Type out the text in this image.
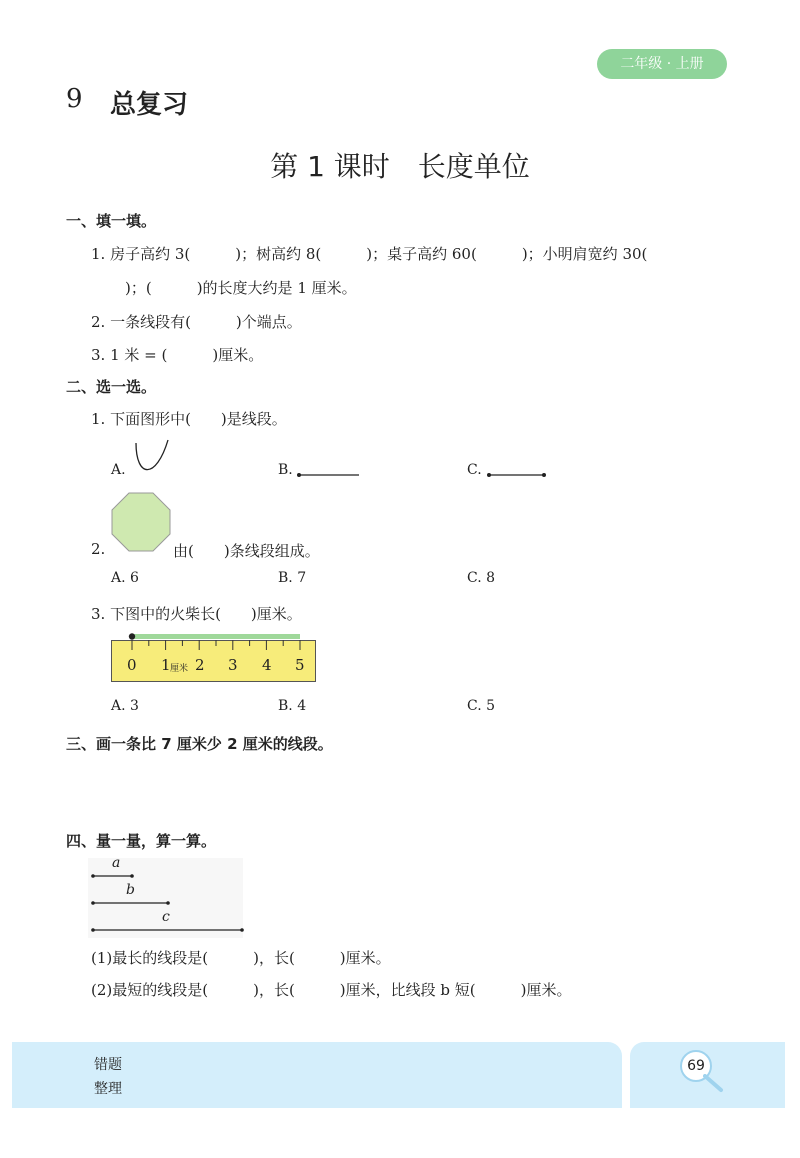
二年级 · 上册
9 总复习
第 1 课时　长度单位
一、填一填。
1. 房子高约 3(　　　)；树高约 8(　　　)；桌子高约 60(　　　)；小明肩宽约 30(
)；(　　　)的长度大约是 1 厘米。
2. 一条线段有(　　　)个端点。
3. 1 米 = (　　　)厘米。
二、选一选。
1. 下面图形中(　　)是线段。
A.	B.	C.
2.	由(　　)条线段组成。
A. 6	B. 7	C. 8
3. 下图中的火柴长(　　)厘米。
0 1 厘米 2 3 4 5
A. 3	B. 4	C. 5
三、画一条比 7 厘米少 2 厘米的线段。
四、量一量，算一算。
a
b
c
(1)最长的线段是(　　　)，长(　　　)厘米。
(2)最短的线段是(　　　)，长(　　　)厘米，比线段 b 短(　　　)厘米。
错题
整理
69
